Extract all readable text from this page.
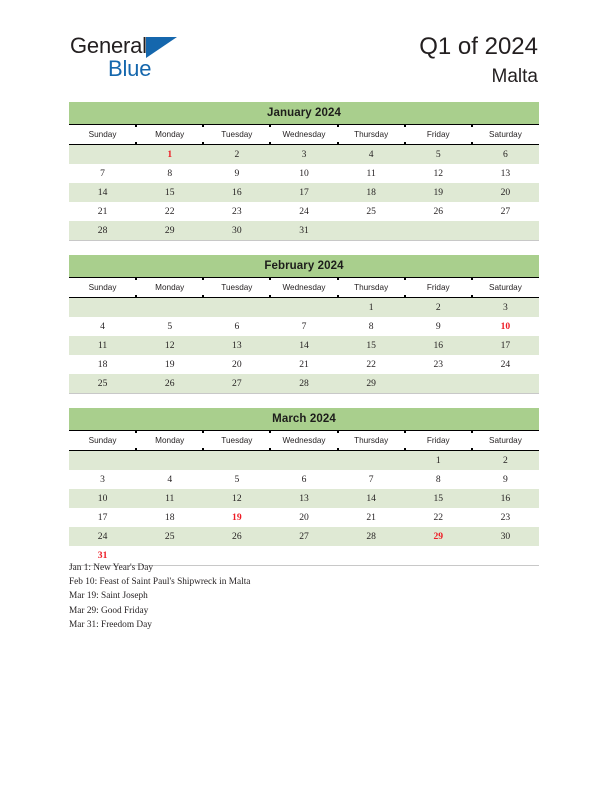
General
Blue
Q1 of 2024
Malta
January 2024
Sunday	Monday	Tuesday	Wednesday	Thursday	Friday	Saturday
	1	2	3	4	5	6
7	8	9	10	11	12	13
14	15	16	17	18	19	20
21	22	23	24	25	26	27
28	29	30	31			
February 2024
Sunday	Monday	Tuesday	Wednesday	Thursday	Friday	Saturday
				1	2	3
4	5	6	7	8	9	10
11	12	13	14	15	16	17
18	19	20	21	22	23	24
25	26	27	28	29		
March 2024
Sunday	Monday	Tuesday	Wednesday	Thursday	Friday	Saturday
					1	2
3	4	5	6	7	8	9
10	11	12	13	14	15	16
17	18	19	20	21	22	23
24	25	26	27	28	29	30
31						
Jan 1: New Year's Day
Feb 10: Feast of Saint Paul's Shipwreck in Malta
Mar 19: Saint Joseph
Mar 29: Good Friday
Mar 31: Freedom Day
